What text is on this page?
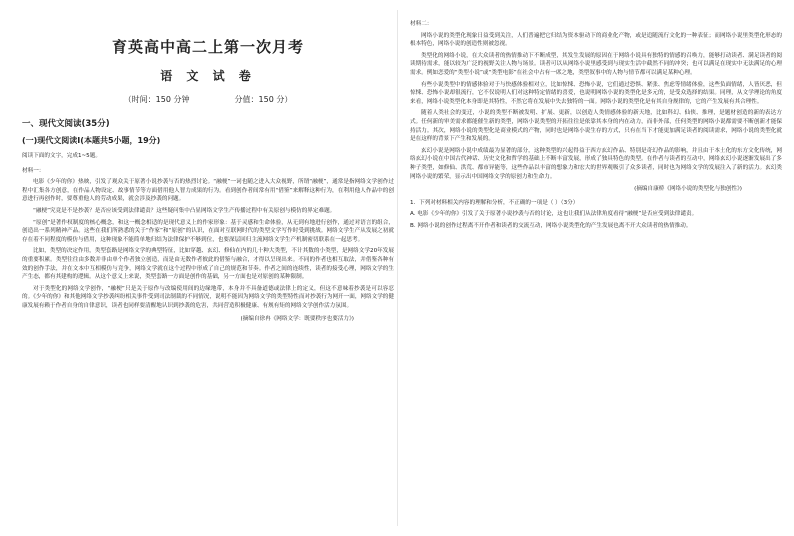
育英高中高二上第一次月考
语 文 试 卷
（时间：150 分钟	分值：150 分）
一、现代文阅读(35分)
(一)现代文阅读Ⅰ(本题共5小题，19分)

阅读下面的文字，完成1~5题。

材料一：

电影《少年的你》热映，引发了观众关于原著小说抄袭与否的热烈讨论。“融梗”一词也随之进入大众视野，所谓“融梗”，通常是指网络文学创作过程中汇集各方创意，在作品人物设定、故事情节等方面借用他人智力成果的行为。看到创作者间常有用“借鉴”来解释这种行为，在利用他人作品中的创意进行再创作时，要尊重他人的劳动成果，就会涉及抄袭的问题。

“融梗”究竟是不是抄袭？是否应该受到法律谴责？这些疑问集中凸显网络文学生产传播过程中有关原创与模仿的界定难题。

“原创”是著作权制度的核心概念，和这一概念相适的是现代意义上的作家形象：基于灵感和生命体验，从无到有地进行创作，通过对语言的组合，创造出一系列精神产品。这些在我们所熟悉的关于“作家”和“原创”的认识，在面对互联网时代的类型文学写作时受到挑战。网络文学生产从发展之初就存在着不同程度的模仿与借用，这种现象不能简单地归结为法律保护不够到位，也要深层回归主流网络文学生产机制密切联系在一起思考。

比如，类型的决定作用，类型套路是网络文学的典型特征，比如穿越、玄幻、修仙在内的几十种大类型，不计其数的小类型，是网络文学20年发展的重要积累。类型往往由多数并非由单个作者独立创造，而是由无数作者彼此的借鉴与融合，才得以呈现出来。不同的作者也相互取法，并借鉴各种有效的创作手法，并在文本中互相模仿与竞争，网络文学就在这个过程中形成了自己的规范和节奏。作者之间的连续性，读者的接受心理，网络文学的生产生态，都有其建构的逻辑。从这个意义上来说，类型套路一方面是创作的基础，另一方面也是对原创的某种限制。

对于类型化的网络文学创作，“融梗”只是关于原作与改编使用间的边缘地带，本身并不具备道德或法律上的定义，但这不意味着抄袭是可以容忍的。《少年的你》和其他网络文学抄袭纠纷相关事件受到司法制裁的不同情况，说明不能因为网络文学的类型特性而对抄袭行为网开一面，网络文学的健康发展有赖于作者自身的自律意识，读者也同样要清醒地认识到抄袭的危害，共同营造积极健康、有规有矩的网络文学创作活力氛围。

(摘编自徐冉《网络文学：既要秩序也要活力》)

材料二：

网络小说的类型化现象日益受到关注，人们普遍把它归结为资本驱动下的商业化产物，或是追随流行文化的一种表征；而网络小说里类型化形态的根本特色，网络小说的创造性则被忽视。

类型化的网络小说，在大众读者的热情推动下不断成型，其发生发展的原因在于网络小说具有独特的情感的召唤力，能够打动读者、满足读者的阅读期待需求，能以较为广泛的视野关注人物与场景。读者可以从网络小说里感受到与现实生活中截然不同的冲突；也可以满足在现实中无法满足的心理需求。例如恋爱的“类型小说”或“类型电影”在社会中占有一席之地，类型叙事中的人物与情节都可以满足某种心理。

有些小说类型中的情感体验对于与快感体验相对立，比如惊悚、恐怖小说，它们通过恐惧、紧张、焦虑等情绪体验，这些负面情绪，人皆厌恶，但惊悚、恐怖小说却很流行，它不仅说明人们对这种特定情绪的喜爱，也说明网络小说的类型化是多元的，是受众选择的结果。同理，从文学理论的角度来看，网络小说类型化本身即是其特性，不然它将在发展中失去独特的一面。网络小说的类型化是有其自身规律的，它的产生发展有其合理性。

随着人类社会的变迁，小说的类型不断被发明、扩展、更新，以创造人类情感体验的新天地，比如科幻、仙侠、推理，是题材创造的新的表达方式。任何新的审美需求都能催生新的类型，网络小说类型的开拓往往是依靠其本身的内在动力，而非外部，任何类型的网络小说都需要不断创新才能保持活力。其次，网络小说的类型化是商业模式的产物，同时也是网络小说生存的方式，只有在当下才能更加满足读者的阅读需求，网络小说的类型化就是在这样的背景下产生和发展的。

玄幻小说是网络小说中成绩最为显著的部分，这种类型的兴起得益于西方玄幻作品、特别是奇幻作品的影响，并且由于本土化的东方文化传统，网络玄幻小说在中国古代神话、历史文化和哲学的基础上不断丰富发展，形成了独具特色的类型。在作者与读者的互动中，网络玄幻小说逐渐发展出了多种子类型，如修仙、洪荒、都市异能等，这些作品以丰富的想象力和宏大的世界观吸引了众多读者，同时也为网络文学的发展注入了新的活力。玄幻类网络小说的繁荣，显示出中国网络文学的原创力和生命力。

(摘编自康桥《网络小说的类型化与独创性》)

1．下列对材料相关内容的理解和分析，不正确的一项是（ ）（3分）

A. 电影《少年的你》引发了关于原著小说抄袭与否的讨论，这也让我们从法律角度看待“融梗”是否应受到法律谴责。

B. 网络小说的创作过程离不开作者和读者的交流互动，网络小说类型化的产生发展也离不开大众读者的热情推动。
